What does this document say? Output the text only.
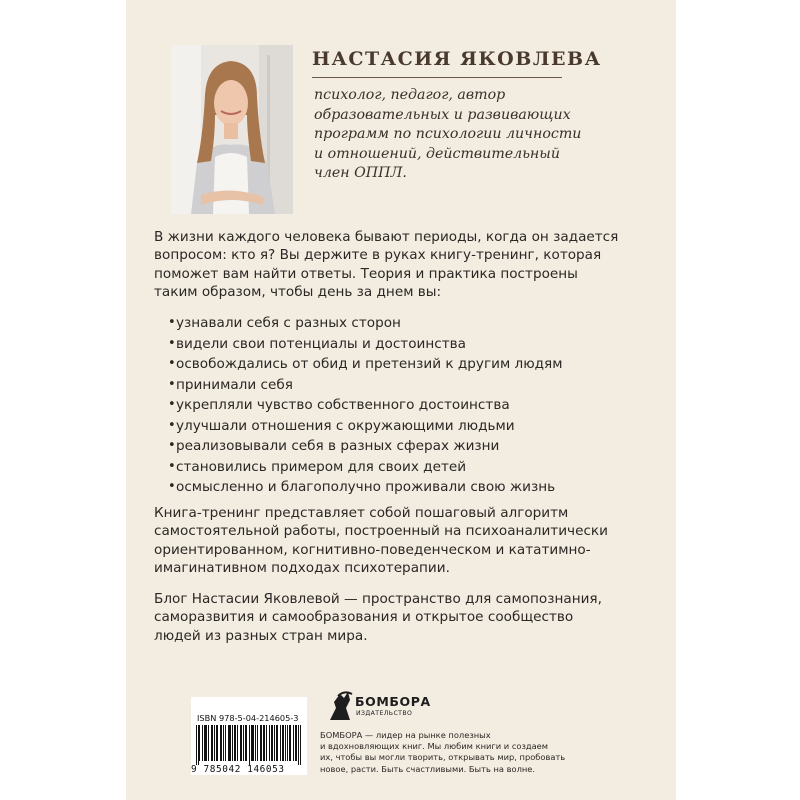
НАСТАСИЯ ЯКОВЛЕВА
психолог, педагог, автор
образовательных и развивающих
программ по психологии личности
и отношений, действительный
член ОППЛ.
В жизни каждого человека бывают периоды, когда он задается
вопросом: кто я? Вы держите в руках книгу-тренинг, которая
поможет вам найти ответы. Теория и практика построены
таким образом, чтобы день за днем вы:
• узнавали себя с разных сторон
• видели свои потенциалы и достоинства
• освобождались от обид и претензий к другим людям
• принимали себя
• укрепляли чувство собственного достоинства
• улучшали отношения с окружающими людьми
• реализовывали себя в разных сферах жизни
• становились примером для своих детей
• осмысленно и благополучно проживали свою жизнь
Книга-тренинг представляет собой пошаговый алгоритм
самостоятельной работы, построенный на психоаналитически
ориентированном, когнитивно-поведенческом и кататимно-
имагинативном подходах психотерапии.
Блог Настасии Яковлевой — пространство для самопознания,
саморазвития и самообразования и открытое сообщество
людей из разных стран мира.
ISBN 978-5-04-214605-3
9 785042 146053
БОМБОРА
ИЗДАТЕЛЬСТВО
БОМБОРА — лидер на рынке полезных
и вдохновляющих книг. Мы любим книги и создаем
их, чтобы вы могли творить, открывать мир, пробовать
новое, расти. Быть счастливыми. Быть на волне.
